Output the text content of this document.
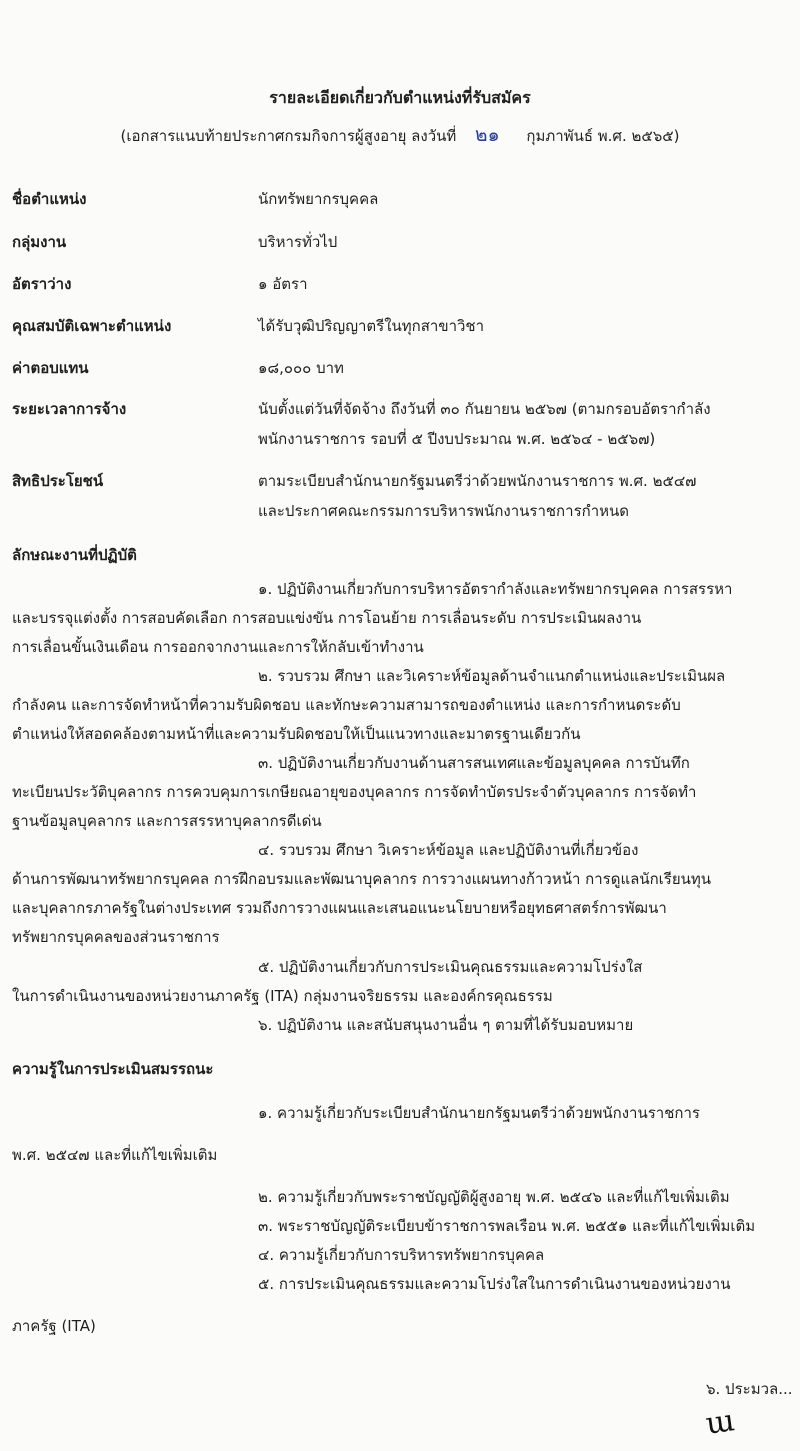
รายละเอียดเกี่ยวกับตำแหน่งที่รับสมัคร
(เอกสารแนบท้ายประกาศกรมกิจการผู้สูงอายุ ลงวันที่ ๒๑ กุมภาพันธ์ พ.ศ. ๒๕๖๕)
ชื่อตำแหน่ง	นักทรัพยากรบุคคล
กลุ่มงาน	บริหารทั่วไป
อัตราว่าง	๑ อัตรา
คุณสมบัติเฉพาะตำแหน่ง	ได้รับวุฒิปริญญาตรีในทุกสาขาวิชา
ค่าตอบแทน	๑๘,๐๐๐ บาท
ระยะเวลาการจ้าง	นับตั้งแต่วันที่จัดจ้าง ถึงวันที่ ๓๐ กันยายน ๒๕๖๗ (ตามกรอบอัตรากำลัง
พนักงานราชการ รอบที่ ๕ ปีงบประมาณ พ.ศ. ๒๕๖๔ - ๒๕๖๗)
สิทธิประโยชน์	ตามระเบียบสำนักนายกรัฐมนตรีว่าด้วยพนักงานราชการ พ.ศ. ๒๕๔๗
และประกาศคณะกรรมการบริหารพนักงานราชการกำหนด
ลักษณะงานที่ปฏิบัติ
๑. ปฏิบัติงานเกี่ยวกับการบริหารอัตรากำลังและทรัพยากรบุคคล การสรรหา
และบรรจุแต่งตั้ง การสอบคัดเลือก การสอบแข่งขัน การโอนย้าย การเลื่อนระดับ การประเมินผลงาน
การเลื่อนขั้นเงินเดือน การออกจากงานและการให้กลับเข้าทำงาน
๒. รวบรวม ศึกษา และวิเคราะห์ข้อมูลด้านจำแนกตำแหน่งและประเมินผล
กำลังคน และการจัดทำหน้าที่ความรับผิดชอบ และทักษะความสามารถของตำแหน่ง และการกำหนดระดับ
ตำแหน่งให้สอดคล้องตามหน้าที่และความรับผิดชอบให้เป็นแนวทางและมาตรฐานเดียวกัน
๓. ปฏิบัติงานเกี่ยวกับงานด้านสารสนเทศและข้อมูลบุคคล การบันทึก
ทะเบียนประวัติบุคลากร การควบคุมการเกษียณอายุของบุคลากร การจัดทำบัตรประจำตัวบุคลากร การจัดทำ
ฐานข้อมูลบุคลากร และการสรรหาบุคลากรดีเด่น
๔. รวบรวม ศึกษา วิเคราะห์ข้อมูล และปฏิบัติงานที่เกี่ยวข้อง
ด้านการพัฒนาทรัพยากรบุคคล การฝึกอบรมและพัฒนาบุคลากร การวางแผนทางก้าวหน้า การดูแลนักเรียนทุน
และบุคลากรภาครัฐในต่างประเทศ รวมถึงการวางแผนและเสนอแนะนโยบายหรือยุทธศาสตร์การพัฒนา
ทรัพยากรบุคคลของส่วนราชการ
๕. ปฏิบัติงานเกี่ยวกับการประเมินคุณธรรมและความโปร่งใส
ในการดำเนินงานของหน่วยงานภาครัฐ (ITA) กลุ่มงานจริยธรรม และองค์กรคุณธรรม
๖. ปฏิบัติงาน และสนับสนุนงานอื่น ๆ ตามที่ได้รับมอบหมาย
ความรู้ในการประเมินสมรรถนะ
๑. ความรู้เกี่ยวกับระเบียบสำนักนายกรัฐมนตรีว่าด้วยพนักงานราชการ
พ.ศ. ๒๕๔๗ และที่แก้ไขเพิ่มเติม
๒. ความรู้เกี่ยวกับพระราชบัญญัติผู้สูงอายุ พ.ศ. ๒๕๔๖ และที่แก้ไขเพิ่มเติม
๓. พระราชบัญญัติระเบียบข้าราชการพลเรือน พ.ศ. ๒๕๕๑ และที่แก้ไขเพิ่มเติม
๔. ความรู้เกี่ยวกับการบริหารทรัพยากรบุคคล
๕. การประเมินคุณธรรมและความโปร่งใสในการดำเนินงานของหน่วยงาน
ภาครัฐ (ITA)
๖. ประมวล...
ɯ
